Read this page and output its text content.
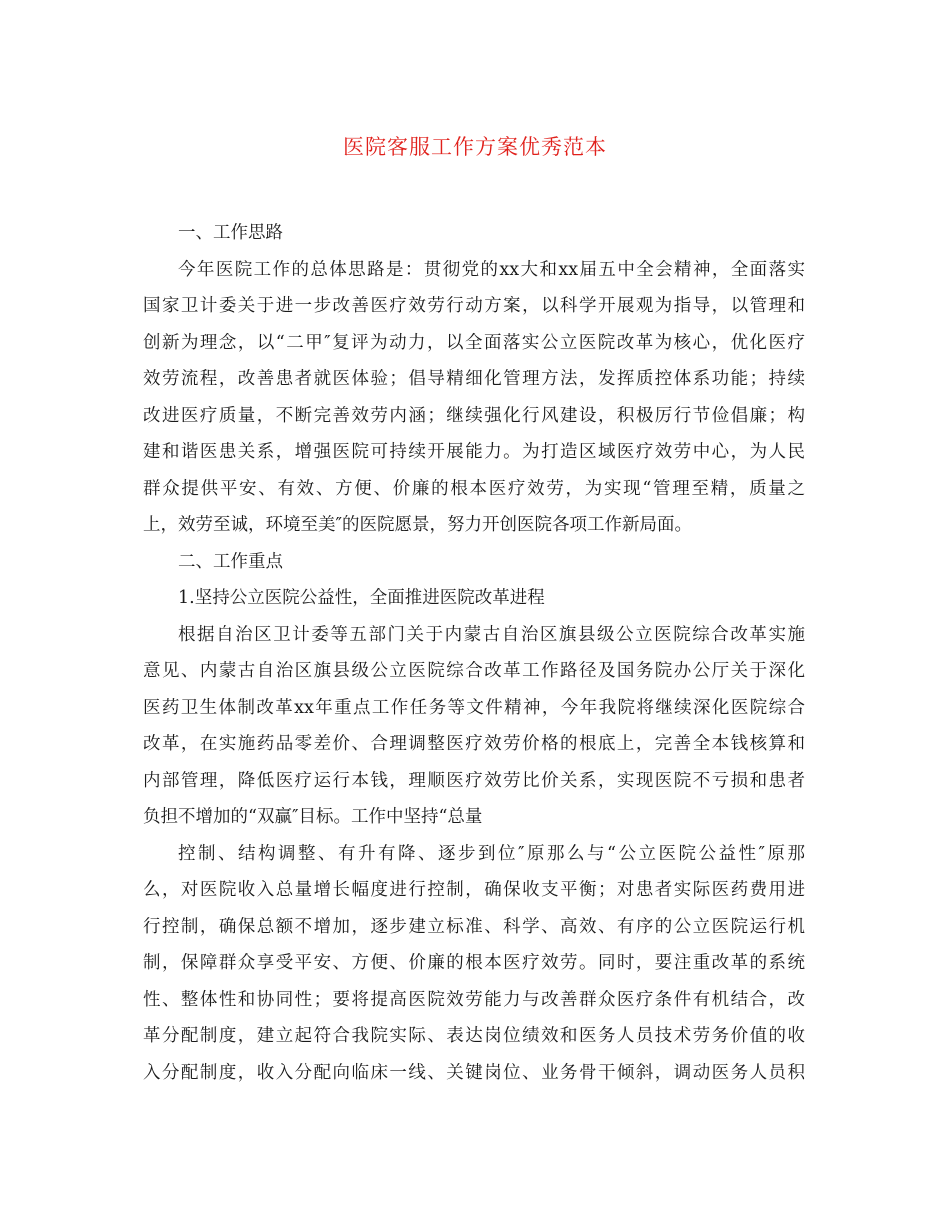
医院客服工作方案优秀范本
一、工作思路
今年医院工作的总体思路是：贯彻党的xx大和xx届五中全会精神，全面落实
国家卫计委关于进一步改善医疗效劳行动方案，以科学开展观为指导，以管理和
创新为理念，以“二甲″复评为动力，以全面落实公立医院改革为核心，优化医疗
效劳流程，改善患者就医体验；倡导精细化管理方法，发挥质控体系功能；持续
改进医疗质量，不断完善效劳内涵；继续强化行风建设，积极厉行节俭倡廉；构
建和谐医患关系，增强医院可持续开展能力。为打造区域医疗效劳中心，为人民
群众提供平安、有效、方便、价廉的根本医疗效劳，为实现“管理至精，质量之
上，效劳至诚，环境至美″的医院愿景，努力开创医院各项工作新局面。
二、工作重点
1.坚持公立医院公益性，全面推进医院改革进程
根据自治区卫计委等五部门关于内蒙古自治区旗县级公立医院综合改革实施
意见、内蒙古自治区旗县级公立医院综合改革工作路径及国务院办公厅关于深化
医药卫生体制改革xx年重点工作任务等文件精神，今年我院将继续深化医院综合
改革，在实施药品零差价、合理调整医疗效劳价格的根底上，完善全本钱核算和
内部管理，降低医疗运行本钱，理顺医疗效劳比价关系，实现医院不亏损和患者
负担不增加的“双赢″目标。工作中坚持“总量
控制、结构调整、有升有降、逐步到位″原那么与“公立医院公益性″原那
么，对医院收入总量增长幅度进行控制，确保收支平衡；对患者实际医药费用进
行控制，确保总额不增加，逐步建立标准、科学、高效、有序的公立医院运行机
制，保障群众享受平安、方便、价廉的根本医疗效劳。同时，要注重改革的系统
性、整体性和协同性；要将提高医院效劳能力与改善群众医疗条件有机结合，改
革分配制度，建立起符合我院实际、表达岗位绩效和医务人员技术劳务价值的收
入分配制度，收入分配向临床一线、关键岗位、业务骨干倾斜，调动医务人员积
